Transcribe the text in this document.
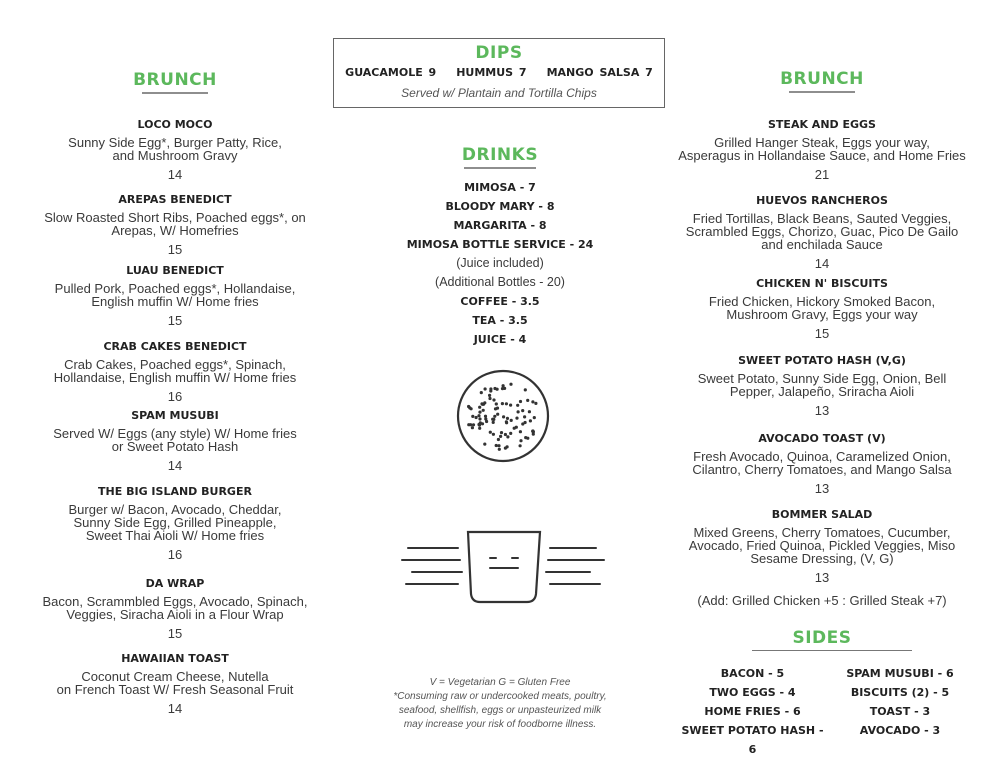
BRUNCH
LOCO MOCO
Sunny Side Egg*, Burger Patty, Rice,
and Mushroom Gravy
14
AREPAS BENEDICT
Slow Roasted Short Ribs, Poached eggs*, on
Arepas, W/ Homefries
15
LUAU BENEDICT
Pulled Pork, Poached eggs*, Hollandaise,
English muffin W/ Home fries
15
CRAB CAKES BENEDICT
Crab Cakes, Poached eggs*, Spinach,
Hollandaise, English muffin W/ Home fries
16
SPAM MUSUBI
Served W/ Eggs (any style) W/ Home fries
or Sweet Potato Hash
14
THE BIG ISLAND BURGER
Burger w/ Bacon, Avocado, Cheddar,
Sunny Side Egg, Grilled Pineapple,
Sweet Thai Aioli W/ Home fries
16
DA WRAP
Bacon, Scrammbled Eggs, Avocado, Spinach,
Veggies, Siracha Aioli in a Flour Wrap
15
HAWAIIAN TOAST
Coconut Cream Cheese, Nutella
on French Toast W/ Fresh Seasonal Fruit
14
DIPS
GUACAMOLE 9 HUMMUS 7 MANGO SALSA 7
Served w/ Plantain and Tortilla Chips
DRINKS
MIMOSA - 7
BLOODY MARY - 8
MARGARITA - 8
MIMOSA BOTTLE SERVICE - 24
(Juice included)
(Additional Bottles - 20)
COFFEE - 3.5
TEA - 3.5
JUICE - 4
V = Vegetarian G = Gluten Free
*Consuming raw or undercooked meats, poultry,
seafood, shellfish, eggs or unpasteurized milk
may increase your risk of foodborne illness.
BRUNCH
STEAK AND EGGS
Grilled Hanger Steak, Eggs your way,
Asperagus in Hollandaise Sauce, and Home Fries
21
HUEVOS RANCHEROS
Fried Tortillas, Black Beans, Sauted Veggies,
Scrambled Eggs, Chorizo, Guac, Pico De Gailo
and enchilada Sauce
14
CHICKEN N' BISCUITS
Fried Chicken, Hickory Smoked Bacon,
Mushroom Gravy, Eggs your way
15
SWEET POTATO HASH (V,G)
Sweet Potato, Sunny Side Egg, Onion, Bell
Pepper, Jalapeño, Sriracha Aioli
13
AVOCADO TOAST (V)
Fresh Avocado, Quinoa, Caramelized Onion,
Cilantro, Cherry Tomatoes, and Mango Salsa
13
BOMMER SALAD
Mixed Greens, Cherry Tomatoes, Cucumber,
Avocado, Fried Quinoa, Pickled Veggies, Miso
Sesame Dressing, (V, G)
13
(Add: Grilled Chicken +5 : Grilled Steak +7)
SIDES
BACON - 5
TWO EGGS - 4
HOME FRIES - 6
SWEET POTATO HASH - 6
SPAM MUSUBI - 6
BISCUITS (2) - 5
TOAST - 3
AVOCADO - 3
